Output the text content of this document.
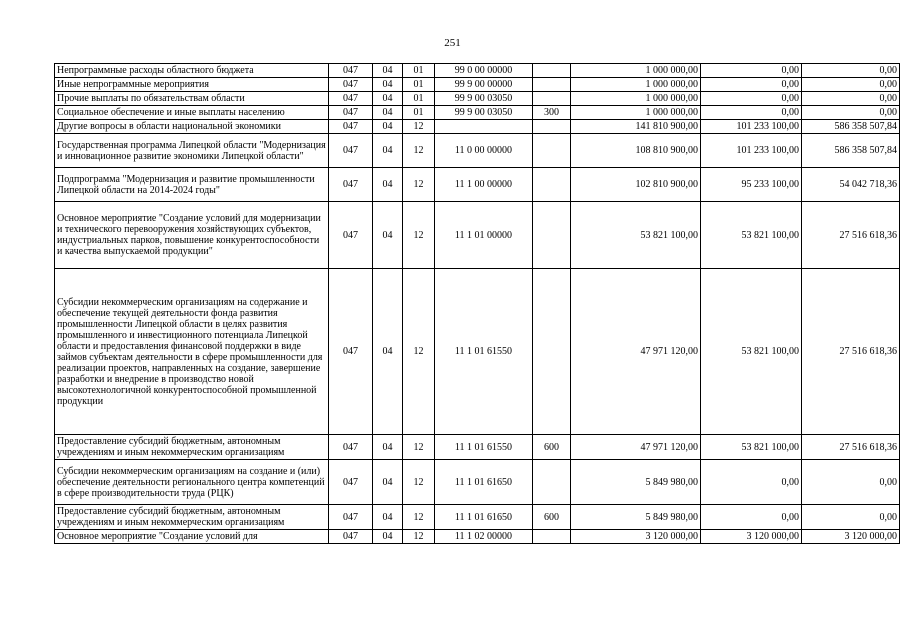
251
Непрограммные расходы областного бюджета	047	04	01	99 0 00 00000		1 000 000,00	0,00	0,00
Иные непрограммные мероприятия	047	04	01	99 9 00 00000		1 000 000,00	0,00	0,00
Прочие выплаты по обязательствам области	047	04	01	99 9 00 03050		1 000 000,00	0,00	0,00
Социальное обеспечение и иные выплаты населению	047	04	01	99 9 00 03050	300	1 000 000,00	0,00	0,00
Другие вопросы в области национальной экономики	047	04	12			141 810 900,00	101 233 100,00	586 358 507,84
Государственная программа Липецкой области "Модернизация и инновационное развитие экономики Липецкой области"	047	04	12	11 0 00 00000		108 810 900,00	101 233 100,00	586 358 507,84
Подпрограмма "Модернизация и развитие промышленности Липецкой области на 2014-2024 годы"	047	04	12	11 1 00 00000		102 810 900,00	95 233 100,00	54 042 718,36
Основное мероприятие "Создание условий для модернизации и технического перевооружения хозяйствующих субъектов, индустриальных парков, повышение конкурентоспособности и качества выпускаемой продукции"	047	04	12	11 1 01 00000		53 821 100,00	53 821 100,00	27 516 618,36
Субсидии некоммерческим организациям на содержание и обеспечение текущей деятельности фонда развития промышленности Липецкой области в целях развития промышленного и инвестиционного потенциала Липецкой области и предоставления финансовой поддержки в виде займов субъектам деятельности в сфере промышленности для реализации проектов, направленных на создание, завершение разработки и внедрение в производство новой высокотехнологичной конкурентоспособной промышленной продукции	047	04	12	11 1 01 61550		47 971 120,00	53 821 100,00	27 516 618,36
Предоставление субсидий бюджетным, автономным учреждениям и иным некоммерческим организациям	047	04	12	11 1 01 61550	600	47 971 120,00	53 821 100,00	27 516 618,36
Субсидии некоммерческим организациям на создание и (или) обеспечение деятельности регионального центра компетенций в сфере производительности труда (РЦК)	047	04	12	11 1 01 61650		5 849 980,00	0,00	0,00
Предоставление субсидий бюджетным, автономным учреждениям и иным некоммерческим организациям	047	04	12	11 1 01 61650	600	5 849 980,00	0,00	0,00
Основное мероприятие "Создание условий для	047	04	12	11 1 02 00000		3 120 000,00	3 120 000,00	3 120 000,00
